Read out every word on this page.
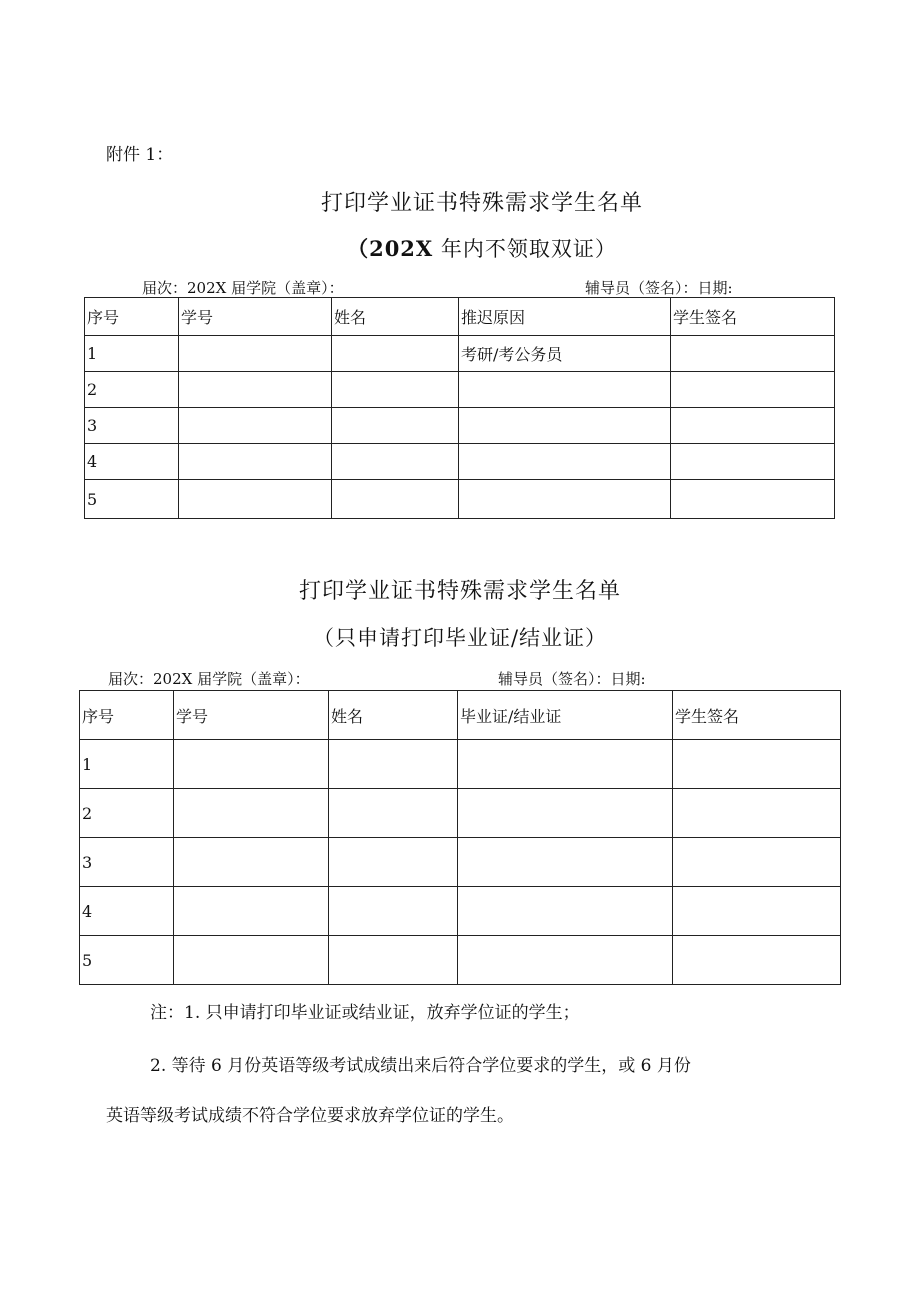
附件 1：
打印学业证书特殊需求学生名单
（202X 年内不领取双证）
届次：202X 届学院（盖章）：	辅导员（签名）：日期:
序号	学号	姓名	推迟原因	学生签名
1			考研/考公务员	
2				
3				
4				
5				
打印学业证书特殊需求学生名单
（只申请打印毕业证/结业证）
届次：202X 届学院（盖章）：	辅导员（签名）：日期:
序号	学号	姓名	毕业证/结业证	学生签名
1				
2				
3				
4				
5				
注：1. 只申请打印毕业证或结业证，放弃学位证的学生；
2. 等待 6 月份英语等级考试成绩出来后符合学位要求的学生，或 6 月份
英语等级考试成绩不符合学位要求放弃学位证的学生。
